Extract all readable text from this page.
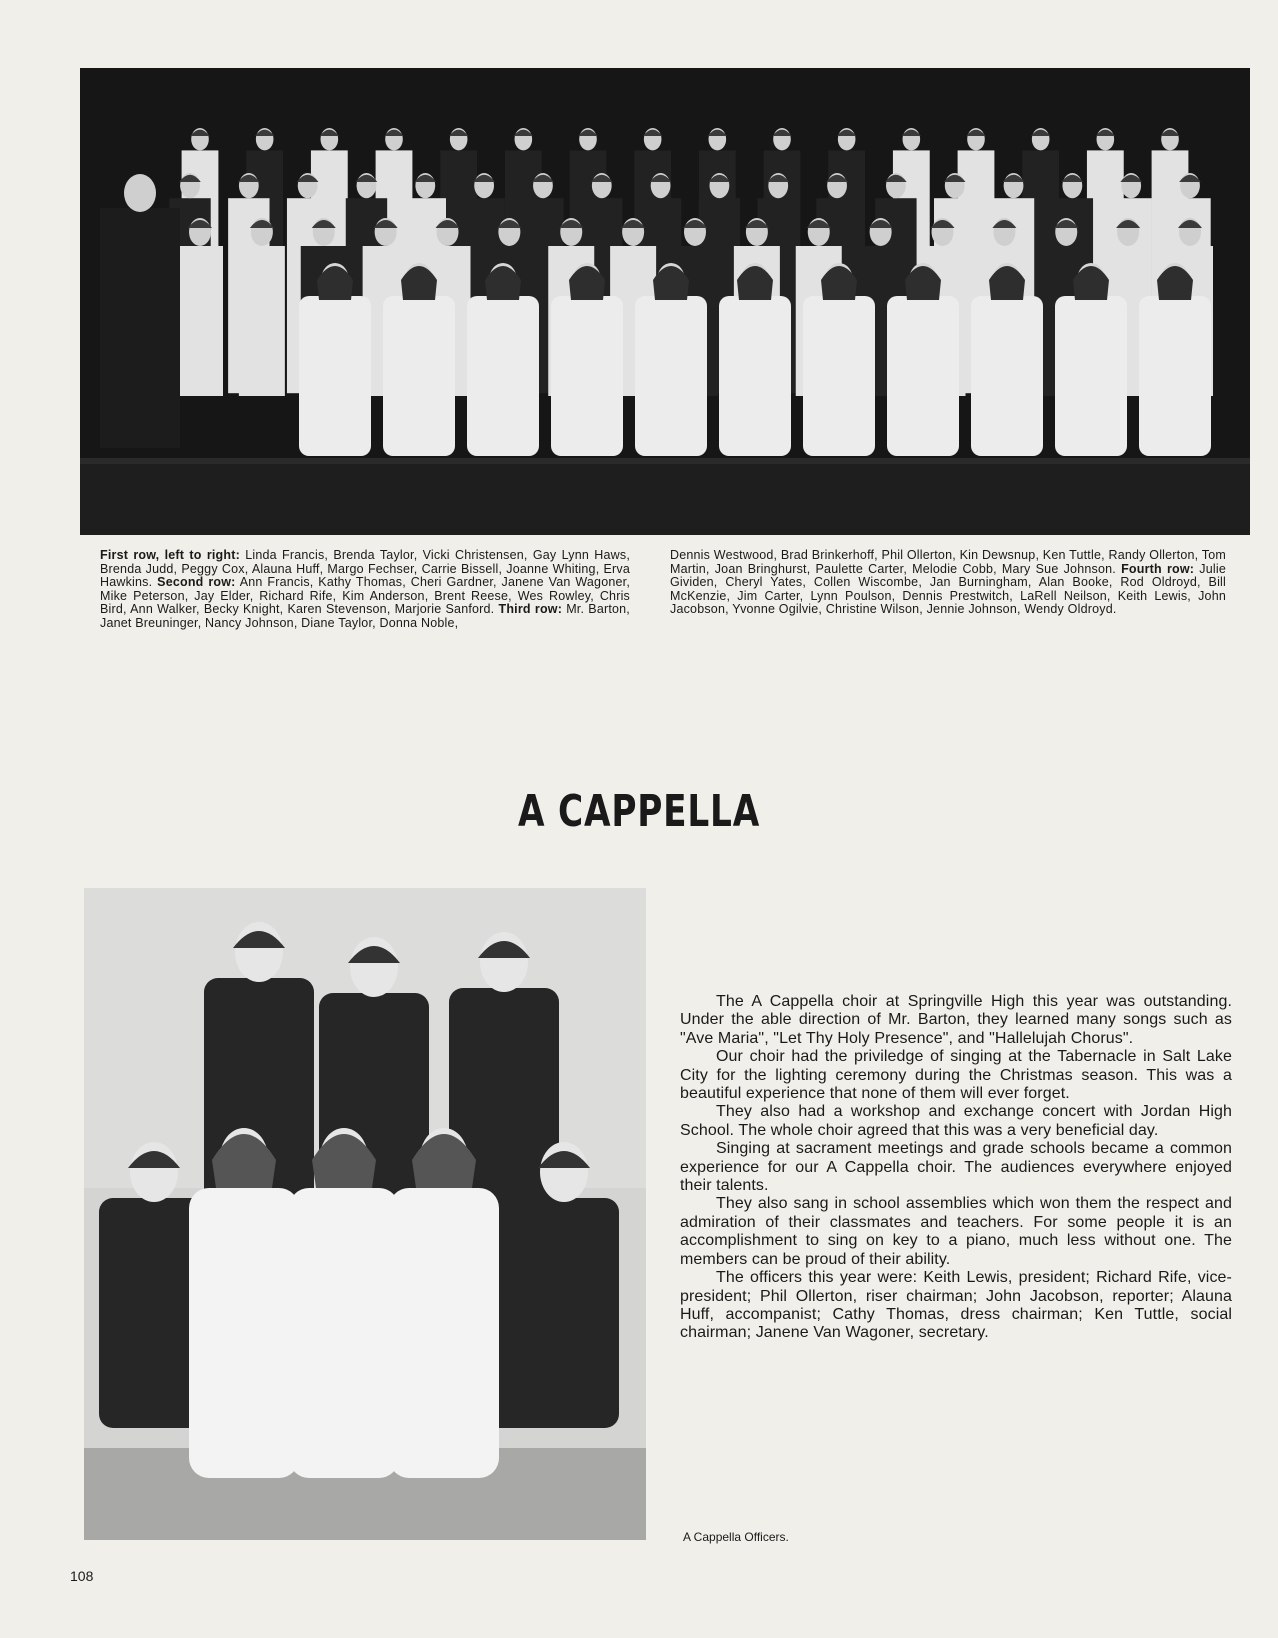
First row, left to right: Linda Francis, Brenda Taylor, Vicki Christensen, Gay Lynn Haws, Brenda Judd, Peggy Cox, Alauna Huff, Margo Fechser, Carrie Bissell, Joanne Whiting, Erva Hawkins. Second row: Ann Francis, Kathy Thomas, Cheri Gardner, Janene Van Wagoner, Mike Peterson, Jay Elder, Richard Rife, Kim Anderson, Brent Reese, Wes Rowley, Chris Bird, Ann Walker, Becky Knight, Karen Stevenson, Marjorie Sanford. Third row: Mr. Barton, Janet Breuninger, Nancy Johnson, Diane Taylor, Donna Noble,
Dennis Westwood, Brad Brinkerhoff, Phil Ollerton, Kin Dewsnup, Ken Tuttle, Randy Ollerton, Tom Martin, Joan Bringhurst, Paulette Carter, Melodie Cobb, Mary Sue Johnson. Fourth row: Julie Gividen, Cheryl Yates, Collen Wiscombe, Jan Burningham, Alan Booke, Rod Oldroyd, Bill McKenzie, Jim Carter, Lynn Poulson, Dennis Prestwitch, LaRell Neilson, Keith Lewis, John Jacobson, Yvonne Ogilvie, Christine Wilson, Jennie Johnson, Wendy Oldroyd.
A CAPPELLA

The A Cappella choir at Springville High this year was outstanding. Under the able direction of Mr. Barton, they learned many songs such as "Ave Maria", "Let Thy Holy Presence", and "Hallelujah Chorus".

Our choir had the priviledge of singing at the Tabernacle in Salt Lake City for the lighting ceremony during the Christmas season. This was a beautiful experience that none of them will ever forget.

They also had a workshop and exchange concert with Jordan High School. The whole choir agreed that this was a very beneficial day.

Singing at sacrament meetings and grade schools became a common experience for our A Cappella choir. The audiences everywhere enjoyed their talents.

They also sang in school assemblies which won them the respect and admiration of their classmates and teachers. For some people it is an accomplishment to sing on key to a piano, much less without one. The members can be proud of their ability.

The officers this year were: Keith Lewis, president; Richard Rife, vice-president; Phil Ollerton, riser chairman; John Jacobson, reporter; Alauna Huff, accompanist; Cathy Thomas, dress chairman; Ken Tuttle, social chairman; Janene Van Wagoner, secretary.

A Cappella Officers.
108
